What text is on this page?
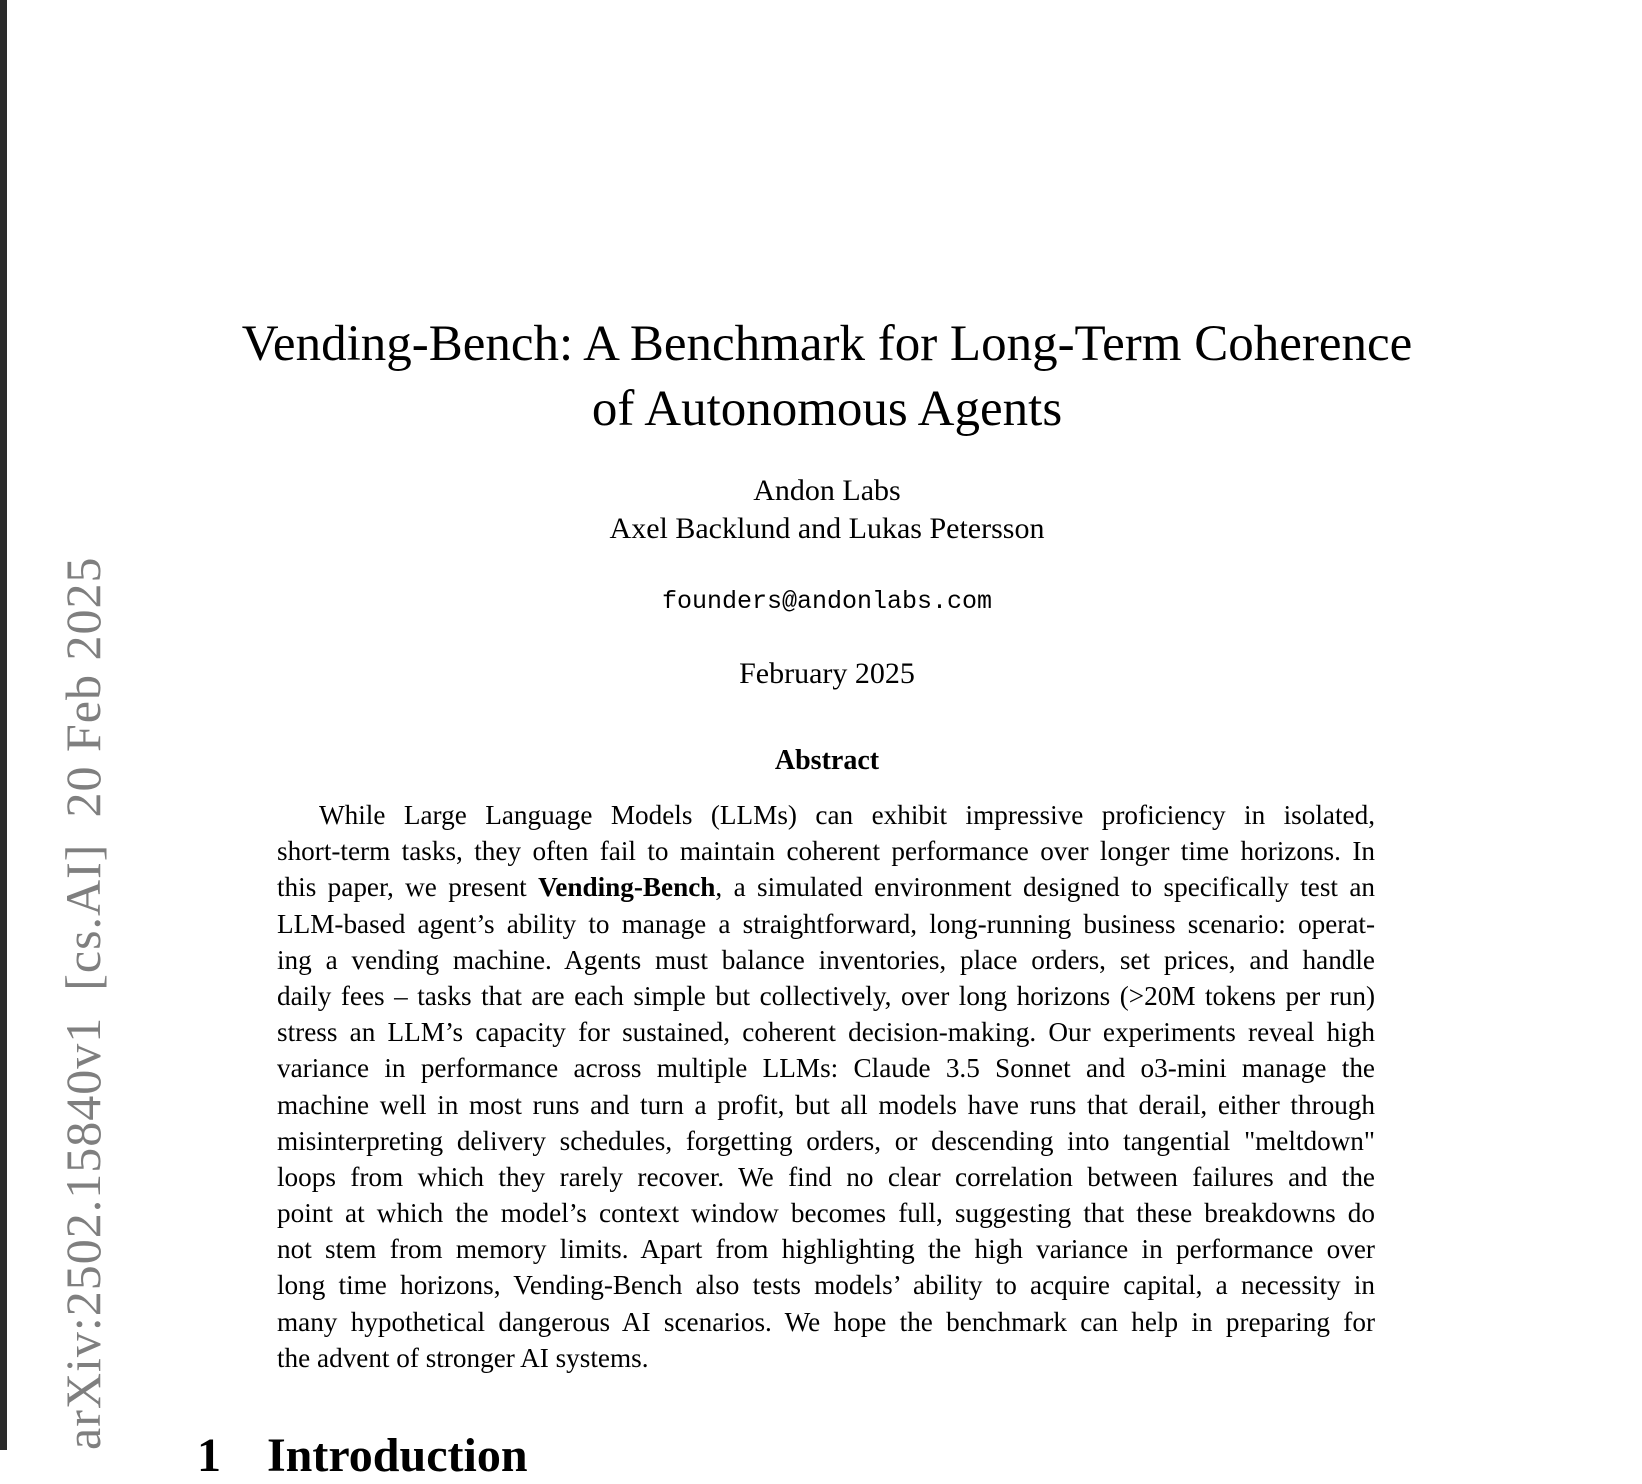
arXiv:2502.15840v1[cs.AI]20 Feb 2025
Vending-Bench: A Benchmark for Long-Term Coherence
of Autonomous Agents
Andon Labs
Axel Backlund and Lukas Petersson
founders@andonlabs.com
February 2025
Abstract
While Large Language Models (LLMs) can exhibit impressive proficiency in isolated,
short-term tasks, they often fail to maintain coherent performance over longer time horizons. In
this paper, we present Vending-Bench, a simulated environment designed to specifically test an
LLM-based agent’s ability to manage a straightforward, long-running business scenario: operat-
ing a vending machine. Agents must balance inventories, place orders, set prices, and handle
daily fees – tasks that are each simple but collectively, over long horizons (>20M tokens per run)
stress an LLM’s capacity for sustained, coherent decision-making. Our experiments reveal high
variance in performance across multiple LLMs: Claude 3.5 Sonnet and o3-mini manage the
machine well in most runs and turn a profit, but all models have runs that derail, either through
misinterpreting delivery schedules, forgetting orders, or descending into tangential "meltdown"
loops from which they rarely recover. We find no clear correlation between failures and the
point at which the model’s context window becomes full, suggesting that these breakdowns do
not stem from memory limits. Apart from highlighting the high variance in performance over
long time horizons, Vending-Bench also tests models’ ability to acquire capital, a necessity in
many hypothetical dangerous AI scenarios. We hope the benchmark can help in preparing for
the advent of stronger AI systems.
1 Introduction
